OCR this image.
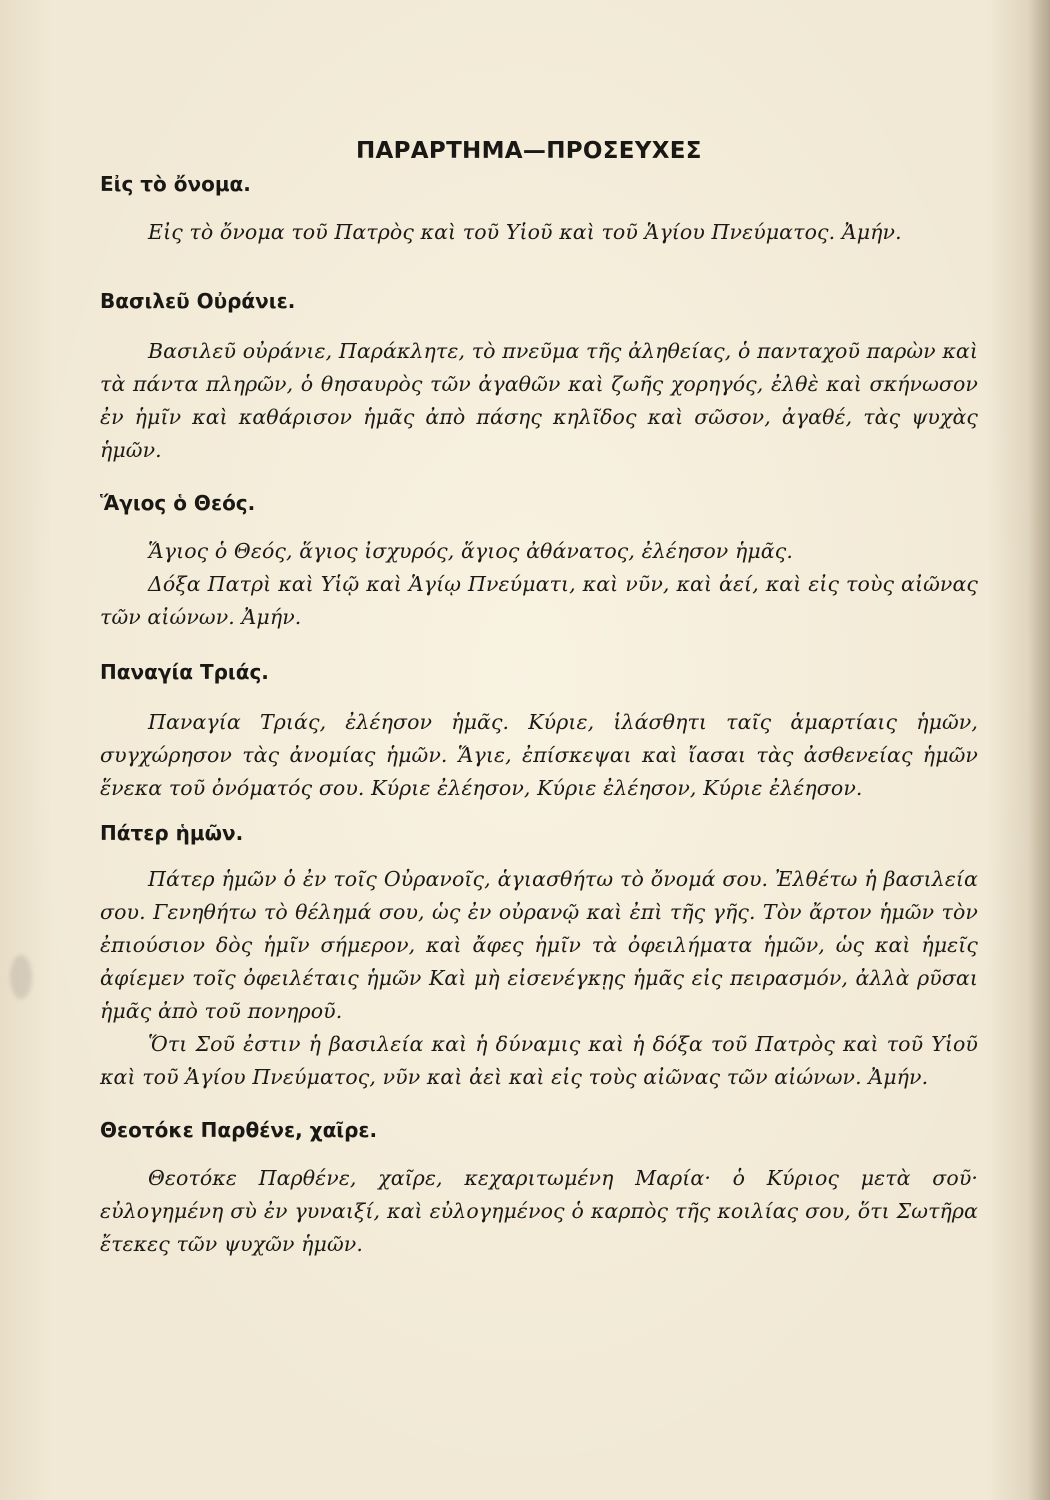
ΠΑΡΑΡΤΗΜΑ—ΠΡΟΣΕΥΧΕΣ

Εἰς τὸ ὄνομα.

Εἰς τὸ ὄνομα τοῦ Πατρὸς καὶ τοῦ Υἱοῦ καὶ τοῦ Ἁγίου Πνεύματος. Ἀμήν.

Βασιλεῦ Οὐράνιε.

Βασιλεῦ οὐράνιε, Παράκλητε, τὸ πνεῦμα τῆς ἀληθείας, ὁ πανταχοῦ παρὼν καὶ τὰ πάντα πληρῶν, ὁ θησαυρὸς τῶν ἀγαθῶν καὶ ζωῆς χορηγός, ἐλθὲ καὶ σκήνωσον ἐν ἡμῖν καὶ καθάρισον ἡμᾶς ἀπὸ πάσης κηλῖδος καὶ σῶσον, ἀγαθέ, τὰς ψυχὰς ἡμῶν.

Ἅγιος ὁ Θεός.

Ἅγιος ὁ Θεός, ἅγιος ἰσχυρός, ἅγιος ἀθάνατος, ἐλέησον ἡμᾶς.

Δόξα Πατρὶ καὶ Υἱῷ καὶ Ἁγίῳ Πνεύματι, καὶ νῦν, καὶ ἀεί, καὶ εἰς τοὺς αἰῶνας τῶν αἰώνων. Ἀμήν.

Παναγία Τριάς.

Παναγία Τριάς, ἐλέησον ἡμᾶς. Κύριε, ἱλάσθητι ταῖς ἁμαρτίαις ἡμῶν, συγχώρησον τὰς ἀνομίας ἡμῶν. Ἅγιε, ἐπίσκεψαι καὶ ἴασαι τὰς ἀσθενείας ἡμῶν ἕνεκα τοῦ ὀνόματός σου. Κύριε ἐλέησον, Κύριε ἐλέησον, Κύριε ἐλέησον.

Πάτερ ἡμῶν.

Πάτερ ἡμῶν ὁ ἐν τοῖς Οὐρανοῖς, ἁγιασθήτω τὸ ὄνομά σου. Ἐλθέτω ἡ βασιλεία σου. Γενηθήτω τὸ θέλημά σου, ὡς ἐν οὐρανῷ καὶ ἐπὶ τῆς γῆς. Τὸν ἄρτον ἡμῶν τὸν ἐπιούσιον δὸς ἡμῖν σήμερον, καὶ ἄφες ἡμῖν τὰ ὀφειλήματα ἡμῶν, ὡς καὶ ἡμεῖς ἀφίεμεν τοῖς ὀφειλέταις ἡμῶν Καὶ μὴ εἰσενέγκῃς ἡμᾶς εἰς πειρασμόν, ἀλλὰ ρῦσαι ἡμᾶς ἀπὸ τοῦ πονηροῦ.

Ὅτι Σοῦ ἐστιν ἡ βασιλεία καὶ ἡ δύναμις καὶ ἡ δόξα τοῦ Πατρὸς καὶ τοῦ Υἱοῦ καὶ τοῦ Ἁγίου Πνεύματος, νῦν καὶ ἀεὶ καὶ εἰς τοὺς αἰῶνας τῶν αἰώνων. Ἀμήν.

Θεοτόκε Παρθένε, χαῖρε.

Θεοτόκε Παρθένε, χαῖρε, κεχαριτωμένη Μαρία· ὁ Κύριος μετὰ σοῦ· εὐλογημένη σὺ ἐν γυναιξί, καὶ εὐλογημένος ὁ καρπὸς τῆς κοιλίας σου, ὅτι Σωτῆρα ἔτεκες τῶν ψυχῶν ἡμῶν.
